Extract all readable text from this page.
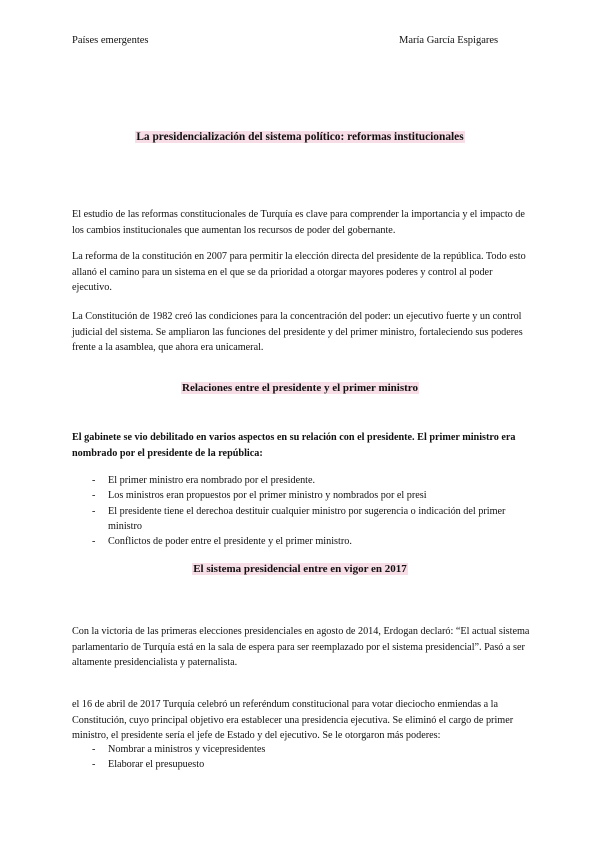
Países emergentes	María García Espigares
La presidencialización del sistema político: reformas institucionales
El estudio de las reformas constitucionales de Turquía es clave para comprender la importancia y el impacto de los cambios institucionales que aumentan los recursos de poder del gobernante.
La reforma de la constitución en 2007 para permitir la elección directa del presidente de la república. Todo esto allanó el camino para un sistema en el que se da prioridad a otorgar mayores poderes y control al poder ejecutivo.
La Constitución de 1982 creó las condiciones para la concentración del poder: un ejecutivo fuerte y un control judicial del sistema. Se ampliaron las funciones del presidente y del primer ministro, fortaleciendo sus poderes frente a la asamblea, que ahora era unicameral.
Relaciones entre el presidente y el primer ministro
El gabinete se vio debilitado en varios aspectos en su relación con el presidente. El primer ministro era nombrado por el presidente de la república:
- El primer ministro era nombrado por el presidente.
- Los ministros eran propuestos por el primer ministro y nombrados por el presi
- El presidente tiene el derechoa destituir cualquier ministro por sugerencia o indicación del primer ministro
- Conflictos de poder entre el presidente y el primer ministro.
El sistema presidencial entre en vigor en 2017
Con la victoria de las primeras elecciones presidenciales en agosto de 2014, Erdogan declaró: “El actual sistema parlamentario de Turquía está en la sala de espera para ser reemplazado por el sistema presidencial”. Pasó a ser altamente presidencialista y paternalista.
el 16 de abril de 2017 Turquía celebró un referéndum constitucional para votar dieciocho enmiendas a la Constitución, cuyo principal objetivo era establecer una presidencia ejecutiva. Se eliminó el cargo de primer ministro, el presidente sería el jefe de Estado y del ejecutivo. Se le otorgaron más poderes:
- Nombrar a ministros y vicepresidentes
- Elaborar el presupuesto
